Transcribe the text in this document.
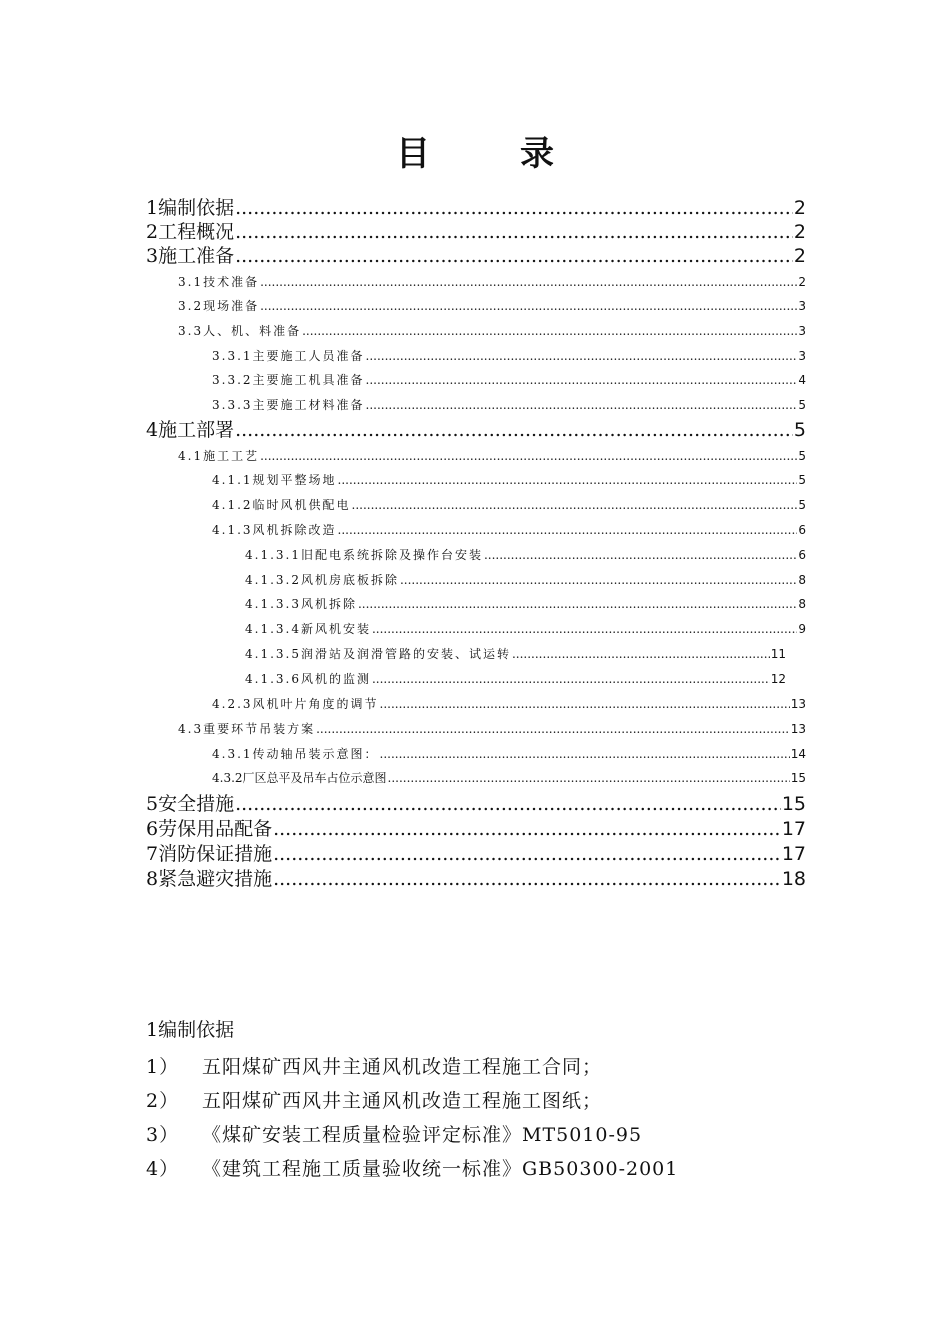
目　录
1编制依据 .....	2
2工程概况 .....	2
3施工准备 .....	2
3.1技术准备 .....	2
3.2现场准备 .....	3
3.3人、机、料准备 .....	3
3.3.1主要施工人员准备 .....	3
3.3.2主要施工机具准备 .....	4
3.3.3主要施工材料准备 .....	5
4施工部署 .....	5
4.1施工工艺 .....	5
4.1.1规划平整场地 .....	5
4.1.2临时风机供配电 .....	5
4.1.3风机拆除改造 .....	6
4.1.3.1旧配电系统拆除及操作台安装 .....	6
4.1.3.2风机房底板拆除 .....	8
4.1.3.3风机拆除 .....	8
4.1.3.4新风机安装 .....	9
4.1.3.5润滑站及润滑管路的安装、试运转 .....	11
4.1.3.6风机的监测 .....	12
4.2.3风机叶片角度的调节 .....	13
4.3重要环节吊装方案 .....	13
4.3.1传动轴吊装示意图： .....	14
4.3.2厂区总平及吊车占位示意图 .....	15
5安全措施 .....	15
6劳保用品配备 .....	17
7消防保证措施 .....	17
8紧急避灾措施 .....	18
1编制依据
1）	五阳煤矿西风井主通风机改造工程施工合同；
2）	五阳煤矿西风井主通风机改造工程施工图纸；
3）	《煤矿安装工程质量检验评定标准》MT5010-95
4）	《建筑工程施工质量验收统一标准》GB50300-2001
